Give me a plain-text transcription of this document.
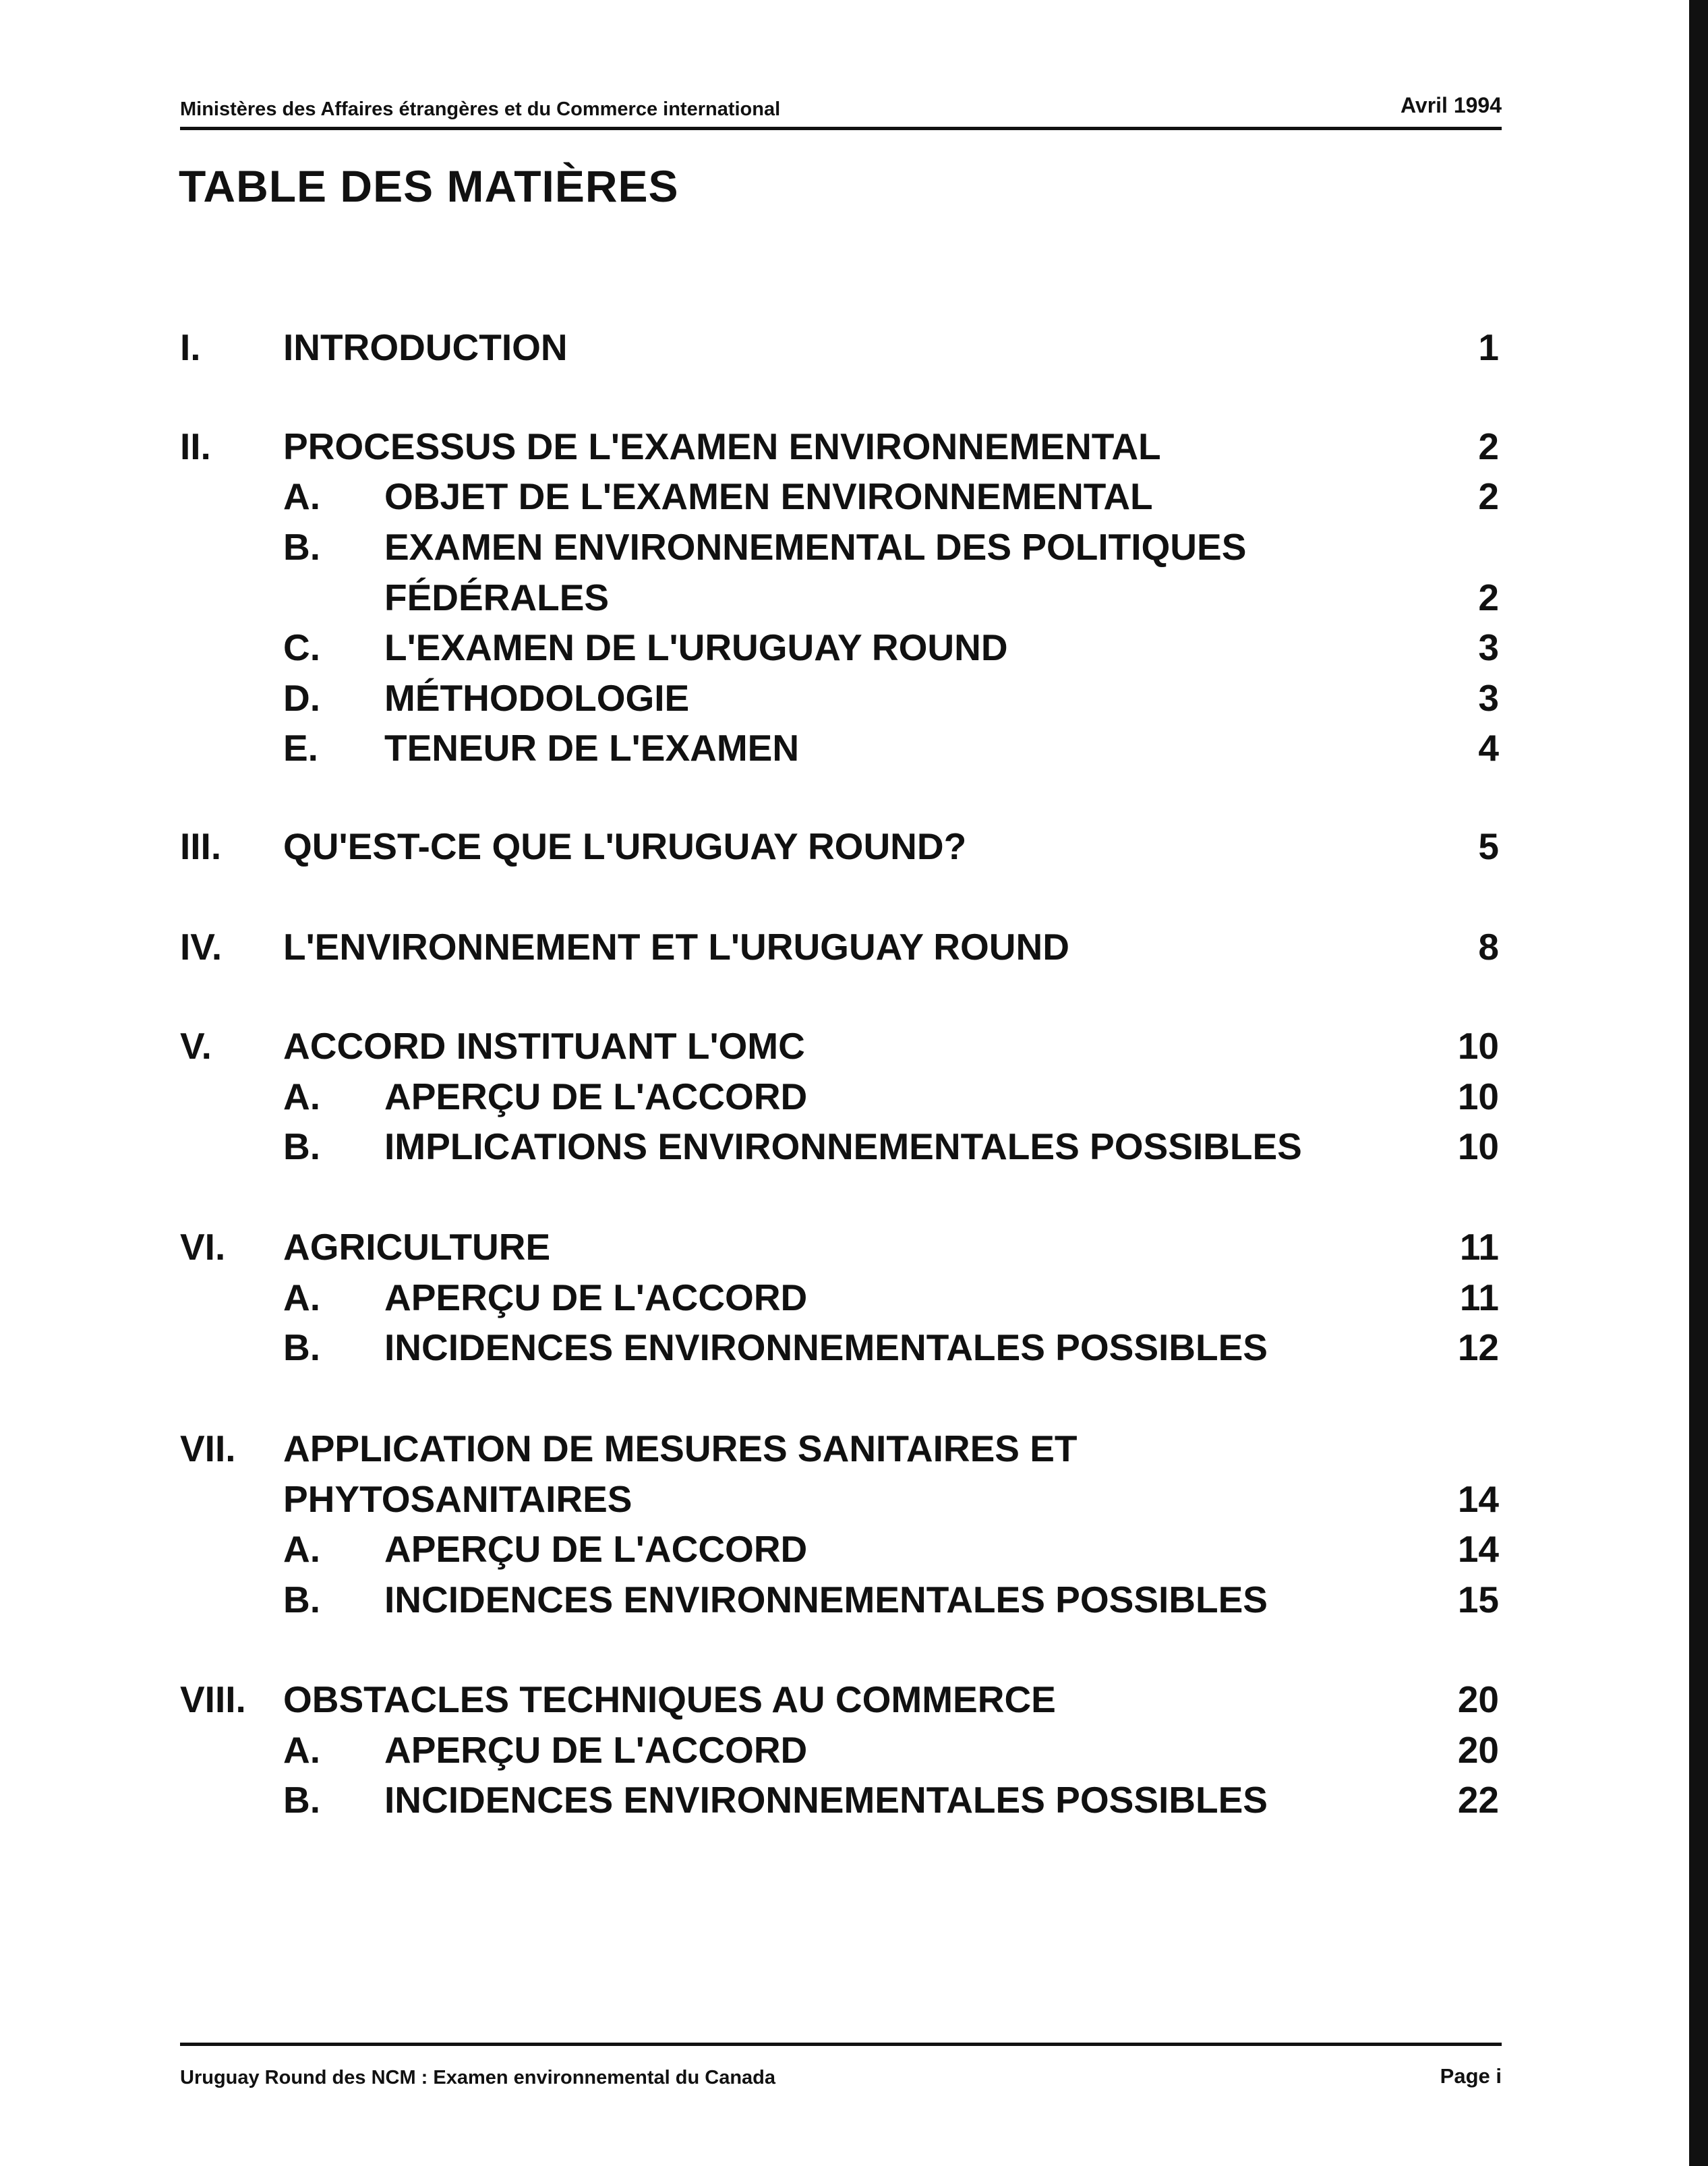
Ministères des Affaires étrangères et du Commerce international	Avril 1994
TABLE DES MATIÈRES
I. INTRODUCTION	1
II. PROCESSUS DE L'EXAMEN ENVIRONNEMENTAL	2
A. OBJET DE L'EXAMEN ENVIRONNEMENTAL	2
B. EXAMEN ENVIRONNEMENTAL DES POLITIQUES
FÉDÉRALES	2
C. L'EXAMEN DE L'URUGUAY ROUND	3
D. MÉTHODOLOGIE	3
E. TENEUR DE L'EXAMEN	4
III. QU'EST-CE QUE L'URUGUAY ROUND?	5
IV. L'ENVIRONNEMENT ET L'URUGUAY ROUND	8
V. ACCORD INSTITUANT L'OMC	10
A. APERÇU DE L'ACCORD	10
B. IMPLICATIONS ENVIRONNEMENTALES POSSIBLES	10
VI. AGRICULTURE	11
A. APERÇU DE L'ACCORD	11
B. INCIDENCES ENVIRONNEMENTALES POSSIBLES	12
VII. APPLICATION DE MESURES SANITAIRES ET
PHYTOSANITAIRES	14
A. APERÇU DE L'ACCORD	14
B. INCIDENCES ENVIRONNEMENTALES POSSIBLES	15
VIII. OBSTACLES TECHNIQUES AU COMMERCE	20
A. APERÇU DE L'ACCORD	20
B. INCIDENCES ENVIRONNEMENTALES POSSIBLES	22
Uruguay Round des NCM : Examen environnemental du Canada	Page i
